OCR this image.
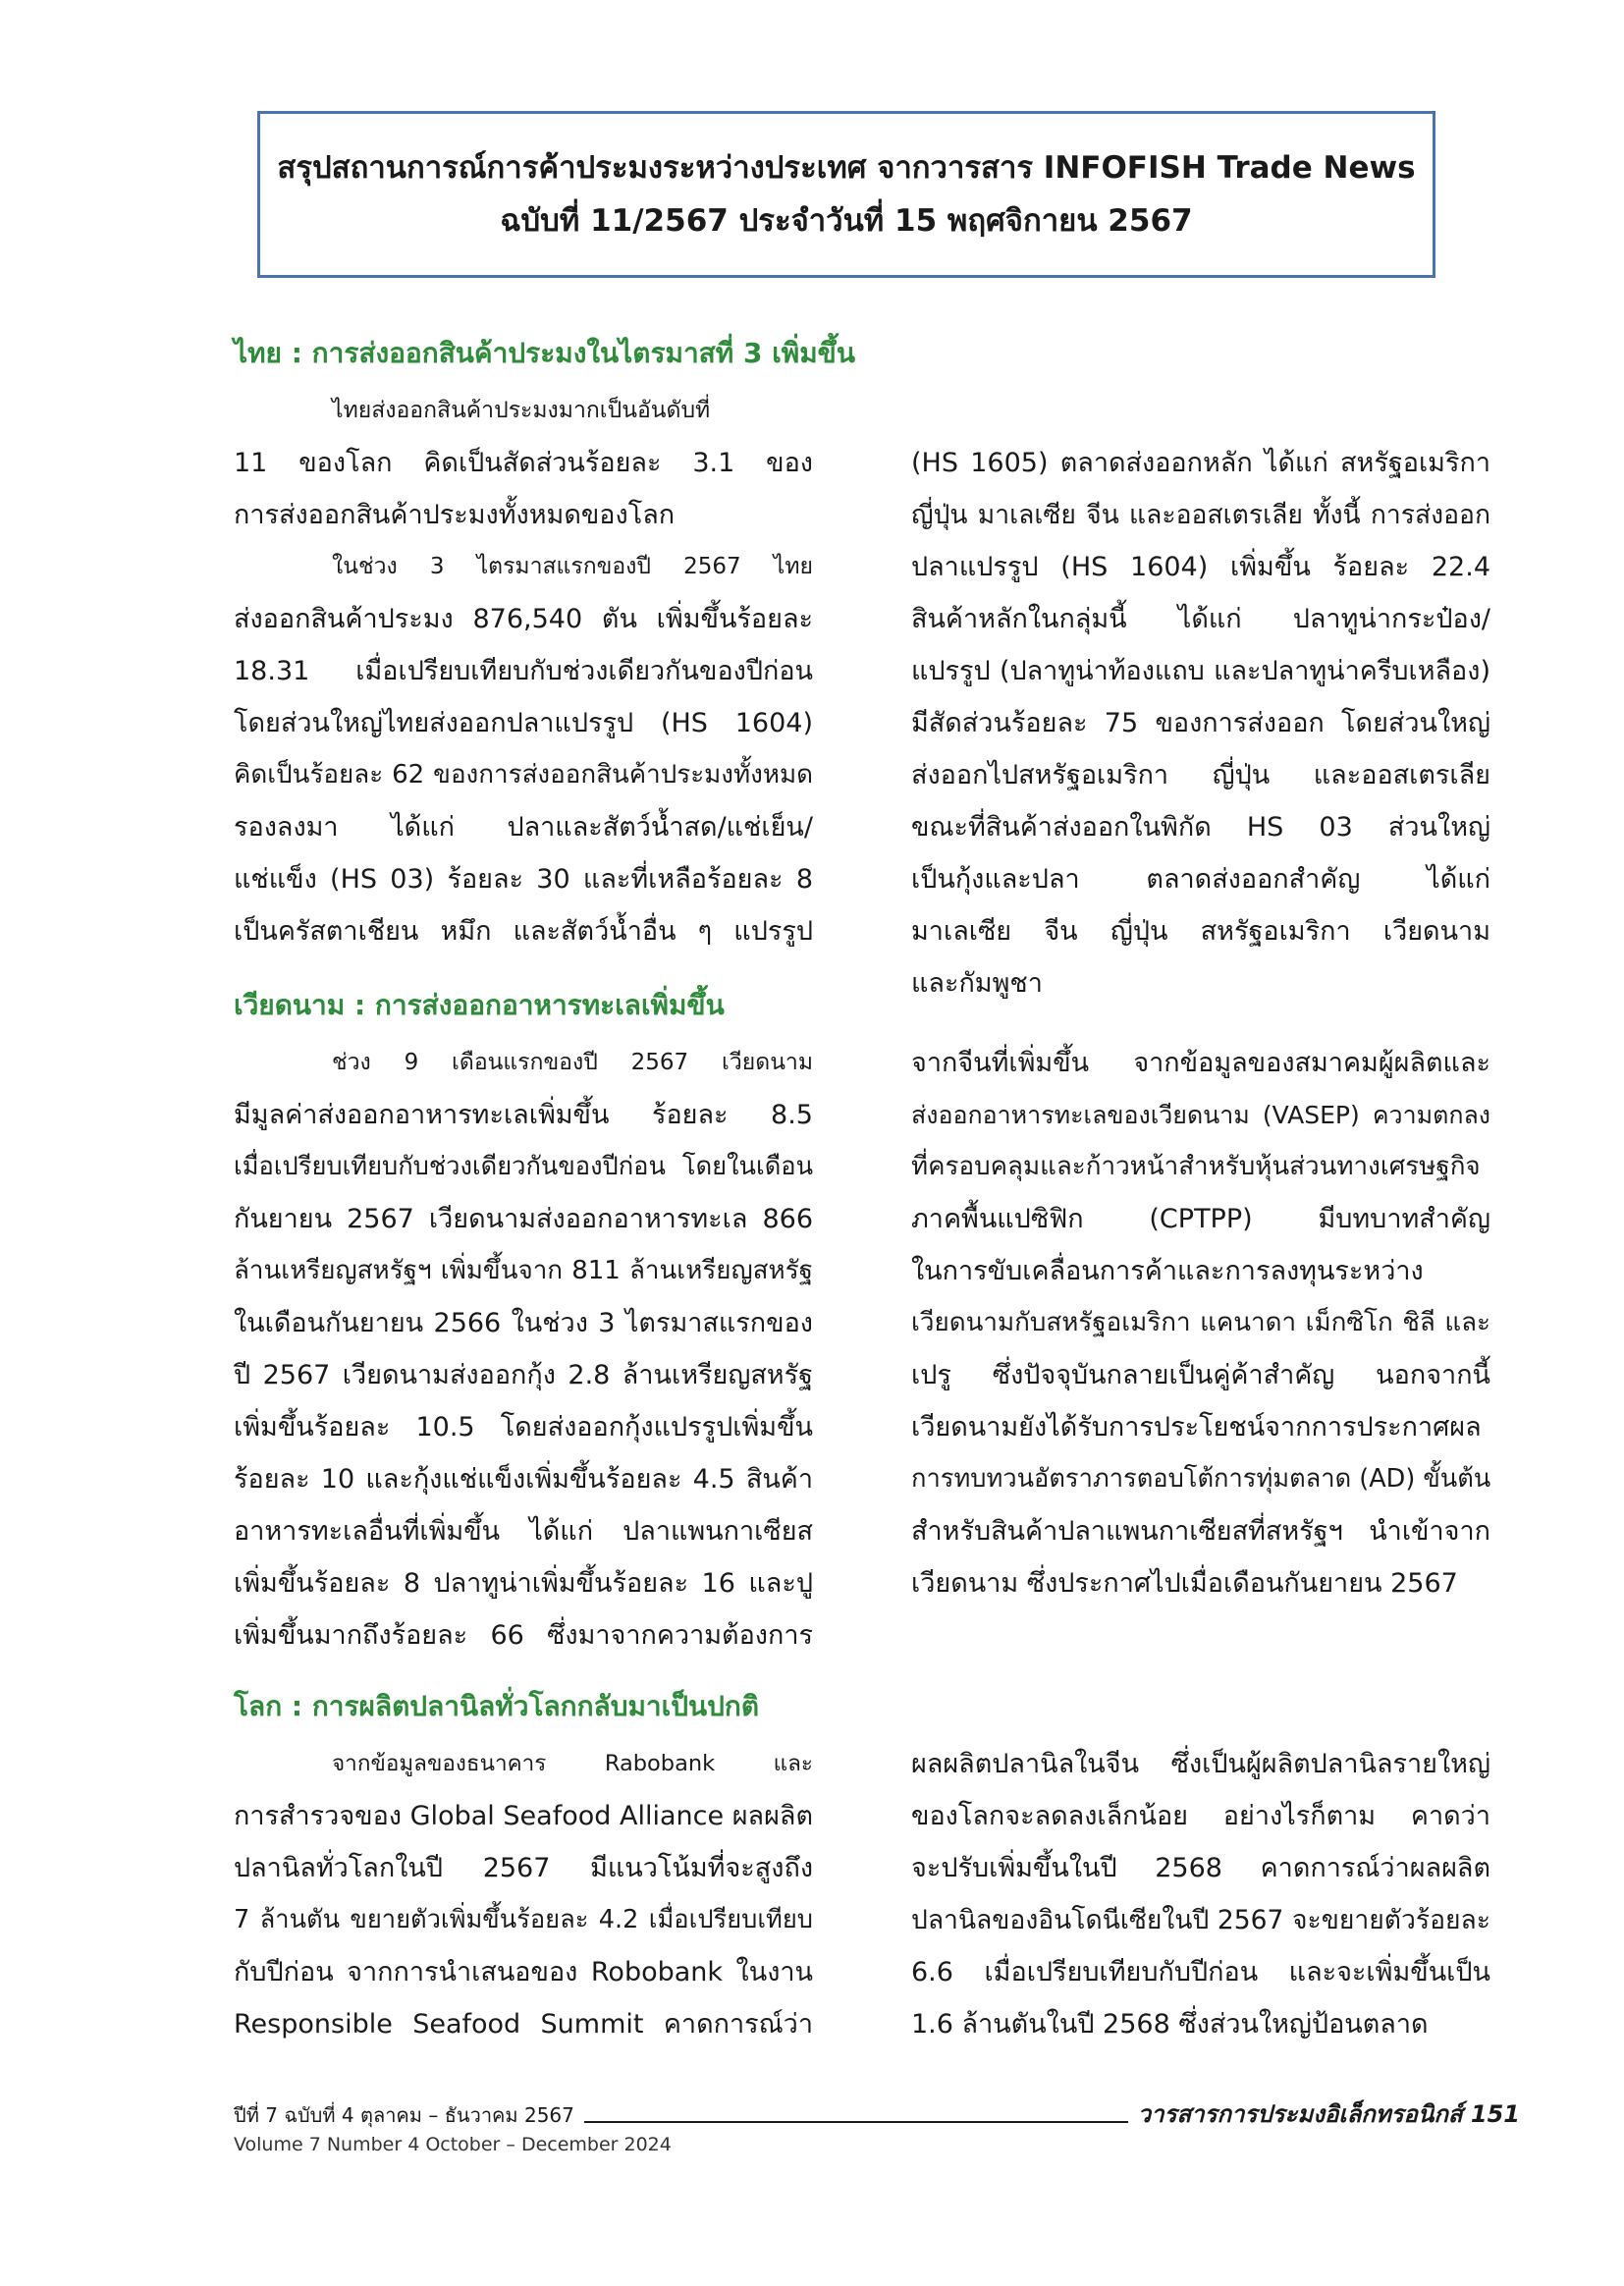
สรุปสถานการณ์การค้าประมงระหว่างประเทศ จากวารสาร INFOFISH Trade News
ฉบับที่ 11/2567 ประจำวันที่ 15 พฤศจิกายน 2567
ไทย : การส่งออกสินค้าประมงในไตรมาสที่ 3 เพิ่มขึ้น
ไทยส่งออกสินค้าประมงมากเป็นอันดับที่
11 ของโลก คิดเป็นสัดส่วนร้อยละ 3.1 ของ
การส่งออกสินค้าประมงทั้งหมดของโลก
ในช่วง 3 ไตรมาสแรกของปี 2567 ไทย
ส่งออกสินค้าประมง 876,540 ตัน เพิ่มขึ้นร้อยละ
18.31 เมื่อเปรียบเทียบกับช่วงเดียวกันของปีก่อน
โดยส่วนใหญ่ไทยส่งออกปลาแปรรูป (HS 1604)
คิดเป็นร้อยละ 62 ของการส่งออกสินค้าประมงทั้งหมด
รองลงมา ได้แก่ ปลาและสัตว์น้ำสด/แช่เย็น/
แช่แข็ง (HS 03) ร้อยละ 30 และที่เหลือร้อยละ 8
เป็นครัสตาเชียน หมึก และสัตว์น้ำอื่น ๆ แปรรูป
(HS 1605) ตลาดส่งออกหลัก ได้แก่ สหรัฐอเมริกา
ญี่ปุ่น มาเลเซีย จีน และออสเตรเลีย ทั้งนี้ การส่งออก
ปลาแปรรูป (HS 1604) เพิ่มขึ้น ร้อยละ 22.4
สินค้าหลักในกลุ่มนี้ ได้แก่ ปลาทูน่ากระป๋อง/
แปรรูป (ปลาทูน่าท้องแถบ และปลาทูน่าครีบเหลือง)
มีสัดส่วนร้อยละ 75 ของการส่งออก โดยส่วนใหญ่
ส่งออกไปสหรัฐอเมริกา ญี่ปุ่น และออสเตรเลีย
ขณะที่สินค้าส่งออกในพิกัด HS 03 ส่วนใหญ่
เป็นกุ้งและปลา ตลาดส่งออกสำคัญ ได้แก่
มาเลเซีย จีน ญี่ปุ่น สหรัฐอเมริกา เวียดนาม
และกัมพูชา
เวียดนาม : การส่งออกอาหารทะเลเพิ่มขึ้น
ช่วง 9 เดือนแรกของปี 2567 เวียดนาม
มีมูลค่าส่งออกอาหารทะเลเพิ่มขึ้น ร้อยละ 8.5
เมื่อเปรียบเทียบกับช่วงเดียวกันของปีก่อน โดยในเดือน
กันยายน 2567 เวียดนามส่งออกอาหารทะเล 866
ล้านเหรียญสหรัฐฯ เพิ่มขึ้นจาก 811 ล้านเหรียญสหรัฐ
ในเดือนกันยายน 2566 ในช่วง 3 ไตรมาสแรกของ
ปี 2567 เวียดนามส่งออกกุ้ง 2.8 ล้านเหรียญสหรัฐ
เพิ่มขึ้นร้อยละ 10.5 โดยส่งออกกุ้งแปรรูปเพิ่มขึ้น
ร้อยละ 10 และกุ้งแช่แข็งเพิ่มขึ้นร้อยละ 4.5 สินค้า
อาหารทะเลอื่นที่เพิ่มขึ้น ได้แก่ ปลาแพนกาเซียส
เพิ่มขึ้นร้อยละ 8 ปลาทูน่าเพิ่มขึ้นร้อยละ 16 และปู
เพิ่มขึ้นมากถึงร้อยละ 66 ซึ่งมาจากความต้องการ
จากจีนที่เพิ่มขึ้น จากข้อมูลของสมาคมผู้ผลิตและ
ส่งออกอาหารทะเลของเวียดนาม (VASEP) ความตกลง
ที่ครอบคลุมและก้าวหน้าสำหรับหุ้นส่วนทางเศรษฐกิจ
ภาคพื้นแปซิฟิก (CPTPP) มีบทบาทสำคัญ
ในการขับเคลื่อนการค้าและการลงทุนระหว่าง
เวียดนามกับสหรัฐอเมริกา แคนาดา เม็กซิโก ชิลี และ
เปรู ซึ่งปัจจุบันกลายเป็นคู่ค้าสำคัญ นอกจากนี้
เวียดนามยังได้รับการประโยชน์จากการประกาศผล
การทบทวนอัตราภารตอบโต้การทุ่มตลาด (AD) ขั้นต้น
สำหรับสินค้าปลาแพนกาเซียสที่สหรัฐฯ นำเข้าจาก
เวียดนาม ซึ่งประกาศไปเมื่อเดือนกันยายน 2567
โลก : การผลิตปลานิลทั่วโลกกลับมาเป็นปกติ
จากข้อมูลของธนาคาร Rabobank และ
การสำรวจของ Global Seafood Alliance ผลผลิต
ปลานิลทั่วโลกในปี 2567 มีแนวโน้มที่จะสูงถึง
7 ล้านตัน ขยายตัวเพิ่มขึ้นร้อยละ 4.2 เมื่อเปรียบเทียบ
กับปีก่อน จากการนำเสนอของ Robobank ในงาน
Responsible Seafood Summit คาดการณ์ว่า
ผลผลิตปลานิลในจีน ซึ่งเป็นผู้ผลิตปลานิลรายใหญ่
ของโลกจะลดลงเล็กน้อย อย่างไรก็ตาม คาดว่า
จะปรับเพิ่มขึ้นในปี 2568 คาดการณ์ว่าผลผลิต
ปลานิลของอินโดนีเซียในปี 2567 จะขยายตัวร้อยละ
6.6 เมื่อเปรียบเทียบกับปีก่อน และจะเพิ่มขึ้นเป็น
1.6 ล้านตันในปี 2568 ซึ่งส่วนใหญ่ป้อนตลาด
ปีที่ 7 ฉบับที่ 4 ตุลาคม – ธันวาคม 2567	วารสารการประมงอิเล็กทรอนิกส์ 151
Volume 7 Number 4 October – December 2024
